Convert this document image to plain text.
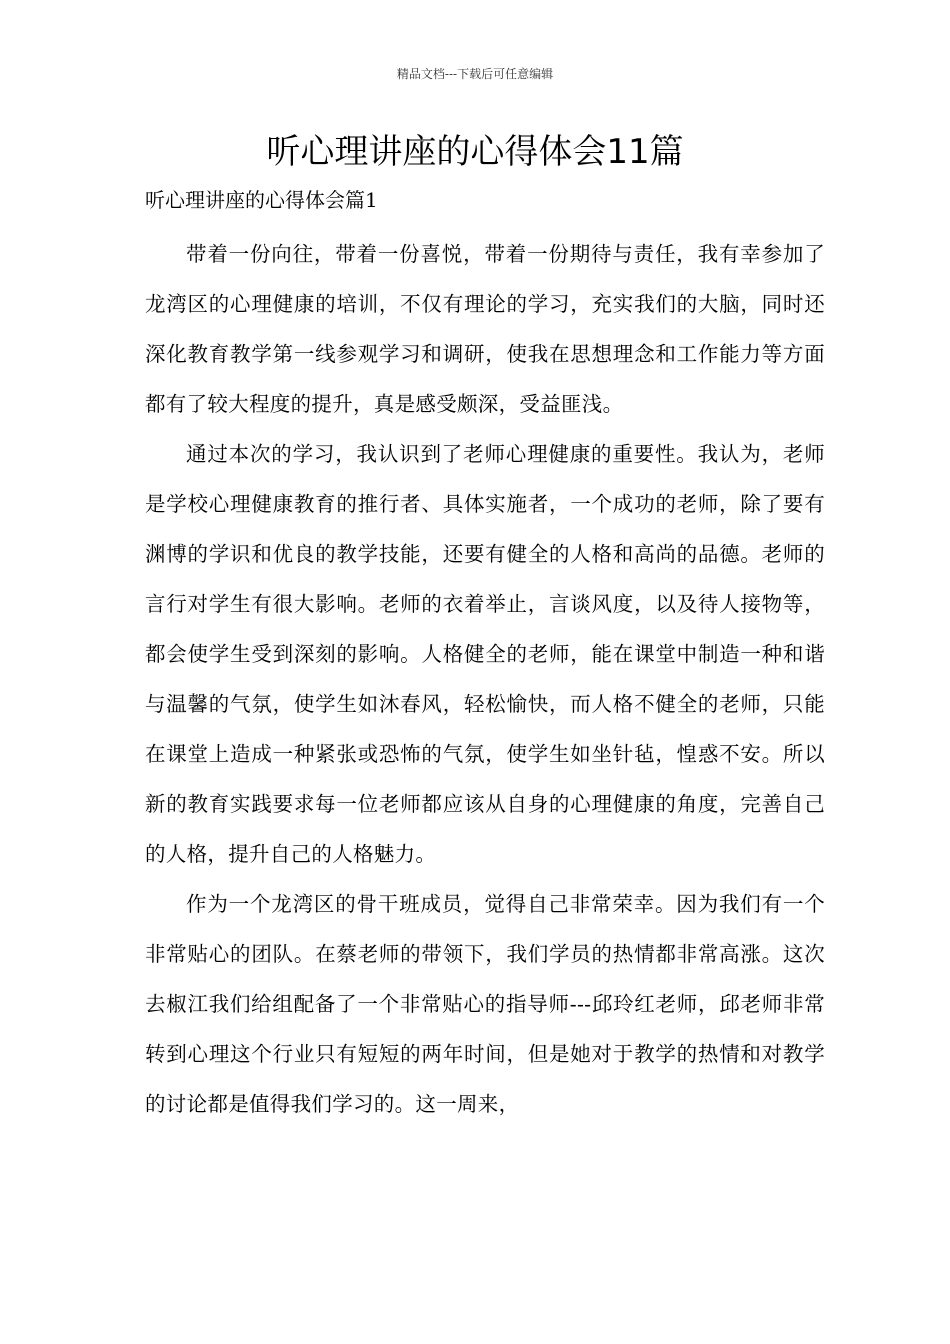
精品文档---下载后可任意编辑
听心理讲座的心得体会11篇
听心理讲座的心得体会篇1

带着一份向往，带着一份喜悦，带着一份期待与责任，我有幸参加了龙湾区的心理健康的培训，不仅有理论的学习，充实我们的大脑，同时还深化教育教学第一线参观学习和调研，使我在思想理念和工作能力等方面都有了较大程度的提升，真是感受颇深，受益匪浅。

通过本次的学习，我认识到了老师心理健康的重要性。我认为，老师是学校心理健康教育的推行者、具体实施者，一个成功的老师，除了要有渊博的学识和优良的教学技能，还要有健全的人格和高尚的品德。老师的言行对学生有很大影响。老师的衣着举止，言谈风度，以及待人接物等，都会使学生受到深刻的影响。人格健全的老师，能在课堂中制造一种和谐与温馨的气氛，使学生如沐春风，轻松愉快，而人格不健全的老师，只能在课堂上造成一种紧张或恐怖的气氛，使学生如坐针毡，惶惑不安。所以新的教育实践要求每一位老师都应该从自身的心理健康的角度，完善自己的人格，提升自己的人格魅力。

作为一个龙湾区的骨干班成员，觉得自己非常荣幸。因为我们有一个非常贴心的团队。在蔡老师的带领下，我们学员的热情都非常高涨。这次去椒江我们给组配备了一个非常贴心的指导师---邱玲红老师，邱老师非常转到心理这个行业只有短短的两年时间，但是她对于教学的热情和对教学的讨论都是值得我们学习的。这一周来，
